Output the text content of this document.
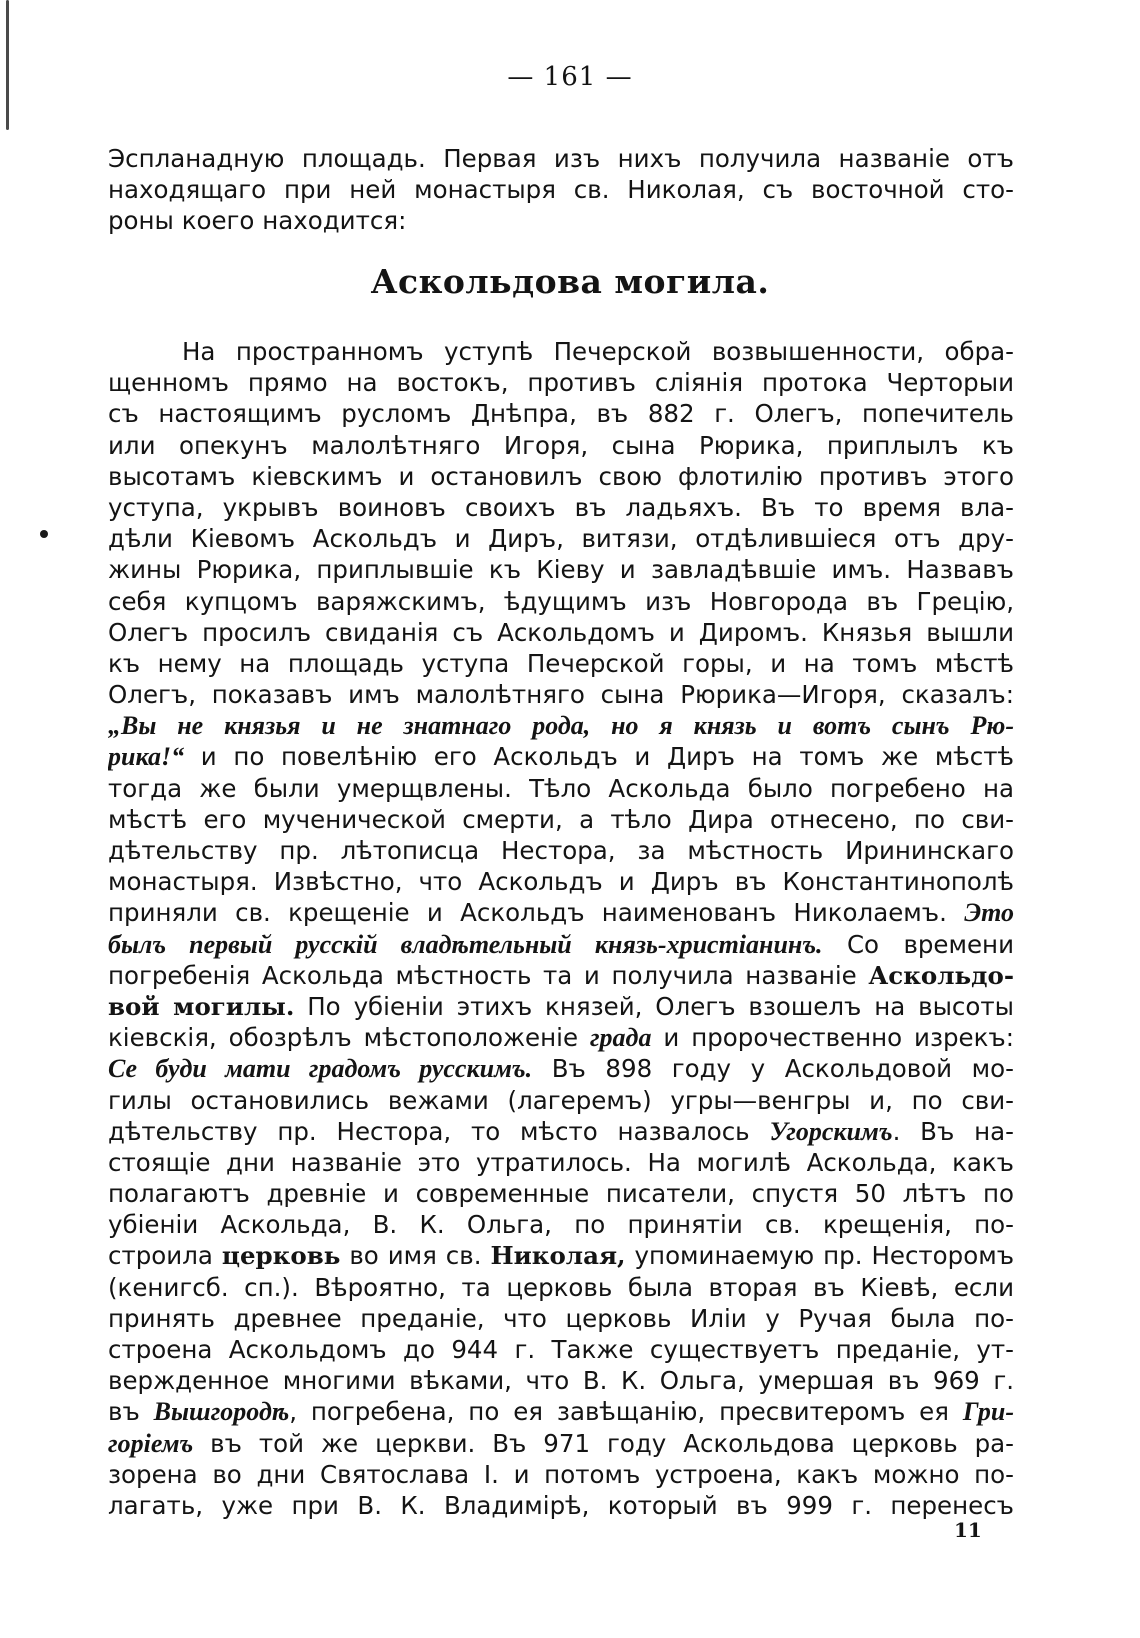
— 161 —
Эспланадную площадь. Первая изъ нихъ получила названіе отъ
находящаго при ней монастыря св. Николая, съ восточной сто-
роны коего находится:
Аскольдова могила.
На пространномъ уступѣ Печерской возвышенности, обра-
щенномъ прямо на востокъ, противъ сліянія протока Черторыи
съ настоящимъ русломъ Днѣпра, въ 882 г. Олегъ, попечитель
или опекунъ малолѣтняго Игоря, сына Рюрика, приплылъ къ
высотамъ кіевскимъ и остановилъ свою флотилію противъ этого
уступа, укрывъ воиновъ своихъ въ ладьяхъ. Въ то время вла-
дѣли Кіевомъ Аскольдъ и Диръ, витязи, отдѣлившіеся отъ дру-
жины Рюрика, приплывшіе къ Кіеву и завладѣвшіе имъ. Назвавъ
себя купцомъ варяжскимъ, ѣдущимъ изъ Новгорода въ Грецію,
Олегъ просилъ свиданія съ Аскольдомъ и Диромъ. Князья вышли
къ нему на площадь уступа Печерской горы, и на томъ мѣстѣ
Олегъ, показавъ имъ малолѣтняго сына Рюрика—Игоря, сказалъ:
„Вы не князья и не знатнаго рода, но я князь и вотъ сынъ Рю-
рика!“ и по повелѣнію его Аскольдъ и Диръ на томъ же мѣстѣ
тогда же были умерщвлены. Тѣло Аскольда было погребено на
мѣстѣ его мученической смерти, а тѣло Дира отнесено, по сви-
дѣтельству пр. лѣтописца Нестора, за мѣстность Ирининскаго
монастыря. Извѣстно, что Аскольдъ и Диръ въ Константинополѣ
приняли св. крещеніе и Аскольдъ наименованъ Николаемъ. Это
былъ первый русскій владѣтельный князь-христіанинъ. Со времени
погребенія Аскольда мѣстность та и получила названіе Аскольдо-
вой могилы. По убіеніи этихъ князей, Олегъ взошелъ на высоты
кіевскія, обозрѣлъ мѣстоположеніе града и пророчественно изрекъ:
Се буди мати градомъ русскимъ. Въ 898 году у Аскольдовой мо-
гилы остановились вежами (лагеремъ) угры—венгры и, по сви-
дѣтельству пр. Нестора, то мѣсто назвалось Угорскимъ. Въ на-
стоящіе дни названіе это утратилось. На могилѣ Аскольда, какъ
полагаютъ древніе и современные писатели, спустя 50 лѣтъ по
убіеніи Аскольда, В. К. Ольга, по принятіи св. крещенія, по-
строила церковь во имя св. Николая, упоминаемую пр. Несторомъ
(кенигсб. сп.). Вѣроятно, та церковь была вторая въ Кіевѣ, если
принять древнее преданіе, что церковь Иліи у Ручая была по-
строена Аскольдомъ до 944 г. Также существуетъ преданіе, ут-
вержденное многими вѣками, что В. К. Ольга, умершая въ 969 г.
въ Вышгородѣ, погребена, по ея завѣщанію, пресвитеромъ ея Гри-
горіемъ въ той же церкви. Въ 971 году Аскольдова церковь ра-
зорена во дни Святослава I. и потомъ устроена, какъ можно по-
лагать, уже при В. К. Владимірѣ, который въ 999 г. перенесъ
11
